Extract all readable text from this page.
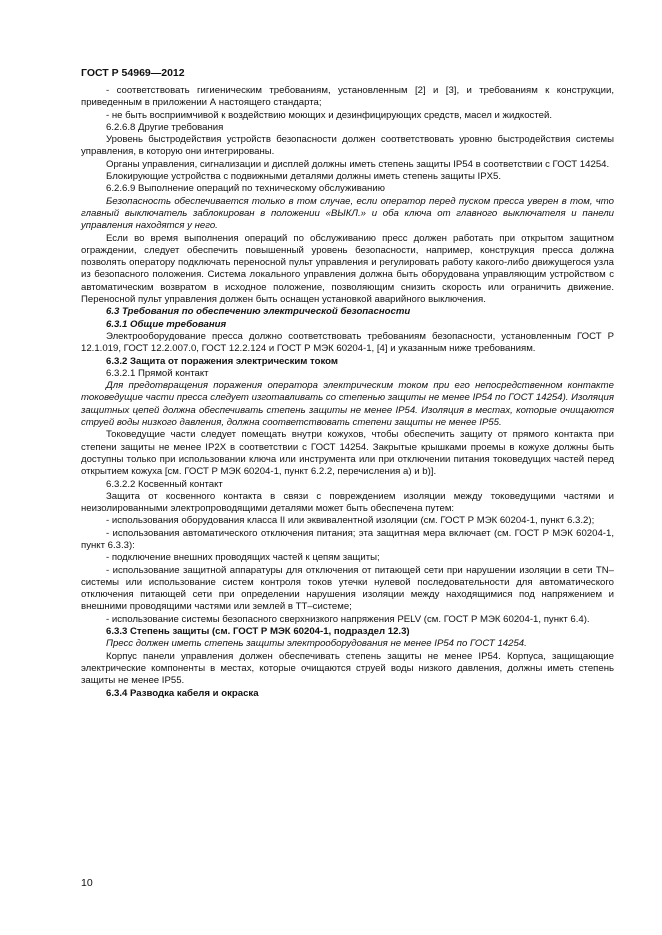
ГОСТ Р 54969—2012

- соответствовать гигиеническим требованиям, установленным [2] и [3], и требованиям к конструкции, приведенным в приложении А настоящего стандарта;

- не быть восприимчивой к воздействию моющих и дезинфицирующих средств, масел и жидкостей.

6.2.6.8 Другие требования

Уровень быстродействия устройств безопасности должен соответствовать уровню быстродействия системы управления, в которую они интегрированы.

Органы управления, сигнализации и дисплей должны иметь степень защиты IP54 в соответствии с ГОСТ 14254.

Блокирующие устройства с подвижными деталями должны иметь степень защиты IPX5.

6.2.6.9 Выполнение операций по техническому обслуживанию

Безопасность обеспечивается только в том случае, если оператор перед пуском пресса уверен в том, что главный выключатель заблокирован в положении «ВЫКЛ.» и оба ключа от главного выключателя и панели управления находятся у него.

Если во время выполнения операций по обслуживанию пресс должен работать при открытом защитном ограждении, следует обеспечить повышенный уровень безопасности, например, конструкция пресса должна позволять оператору подключать переносной пульт управления и регулировать работу какого-либо движущегося узла из безопасного положения. Система локального управления должна быть оборудована управляющим устройством с автоматическим возвратом в исходное положение, позволяющим снизить скорость или ограничить движение. Переносной пульт управления должен быть оснащен установкой аварийного выключения.

6.3 Требования по обеспечению электрической безопасности

6.3.1 Общие требования

Электрооборудование пресса должно соответствовать требованиям безопасности, установленным ГОСТ Р 12.1.019, ГОСТ 12.2.007.0, ГОСТ 12.2.124 и ГОСТ Р МЭК 60204-1, [4] и указанным ниже требованиям.

6.3.2 Защита от поражения электрическим током

6.3.2.1 Прямой контакт

Для предотвращения поражения оператора электрическим током при его непосредственном контакте токоведущие части пресса следует изготавливать со степенью защиты не менее IP54 по ГОСТ 14254). Изоляция защитных цепей должна обеспечивать степень защиты не менее IP54. Изоляция в местах, которые очищаются струей воды низкого давления, должна соответствовать степени защиты не менее IP55.

Токоведущие части следует помещать внутри кожухов, чтобы обеспечить защиту от прямого контакта при степени защиты не менее IP2X в соответствии с ГОСТ 14254. Закрытые крышками проемы в кожухе должны быть доступны только при использовании ключа или инструмента или при отключении питания токоведущих частей перед открытием кожуха [см. ГОСТ Р МЭК 60204-1, пункт 6.2.2, перечисления а) и b)].

6.3.2.2 Косвенный контакт

Защита от косвенного контакта в связи с повреждением изоляции между токоведущими частями и неизолированными электропроводящими деталями может быть обеспечена путем:

- использования оборудования класса II или эквивалентной изоляции (см. ГОСТ Р МЭК 60204-1, пункт 6.3.2);

- использования автоматического отключения питания; эта защитная мера включает (см. ГОСТ Р МЭК 60204-1, пункт 6.3.3):

- подключение внешних проводящих частей к цепям защиты;

- использование защитной аппаратуры для отключения от питающей сети при нарушении изоляции в сети TN–системы или использование систем контроля токов утечки нулевой последовательности для автоматического отключения питающей сети при определении нарушения изоляции между находящимися под напряжением и внешними проводящими частями или землей в TT–системе;

- использование системы безопасного сверхнизкого напряжения PELV (см. ГОСТ Р МЭК 60204-1, пункт 6.4).

6.3.3 Степень защиты (см. ГОСТ Р МЭК 60204-1, подраздел 12.3)

Пресс должен иметь степень защиты электрооборудования не менее IP54 по ГОСТ 14254.

Корпус панели управления должен обеспечивать степень защиты не менее IP54. Корпуса, защищающие электрические компоненты в местах, которые очищаются струей воды низкого давления, должны иметь степень защиты не менее IP55.

6.3.4 Разводка кабеля и окраска

10
